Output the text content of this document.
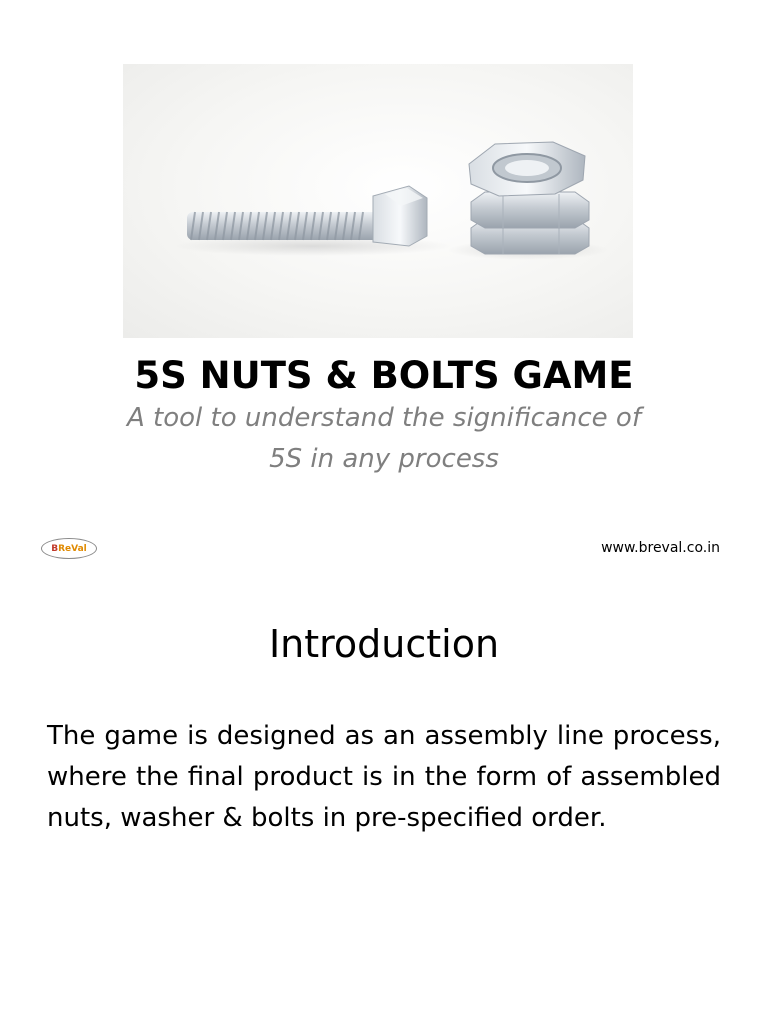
5S NUTS & BOLTS GAME
A tool to understand the significance of 5S in any process
B ReVal	www.breval.co.in
Introduction
The game is designed as an assembly line process, where the final product is in the form of assembled nuts, washer & bolts in pre-specified order.
